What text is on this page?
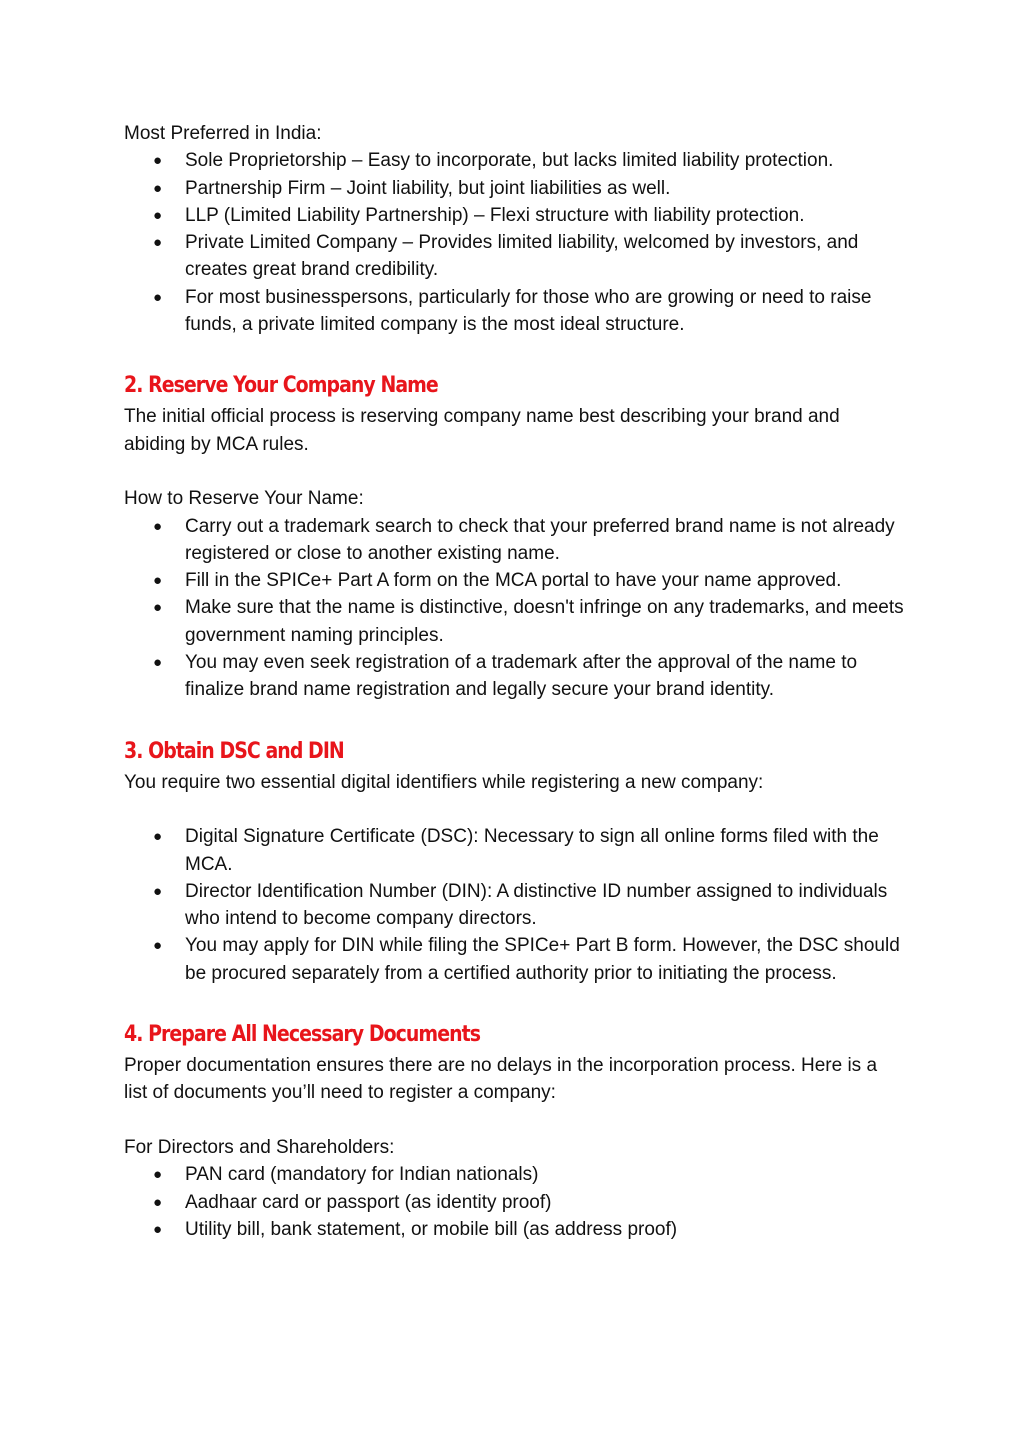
Most Preferred in India:

● Sole Proprietorship – Easy to incorporate, but lacks limited liability protection.
● Partnership Firm – Joint liability, but joint liabilities as well.
● LLP (Limited Liability Partnership) – Flexi structure with liability protection.
● Private Limited Company – Provides limited liability, welcomed by investors, and creates great brand credibility.
● For most businesspersons, particularly for those who are growing or need to raise funds, a private limited company is the most ideal structure.
2. Reserve Your Company Name

The initial official process is reserving company name best describing your brand and abiding by MCA rules.

How to Reserve Your Name:

● Carry out a trademark search to check that your preferred brand name is not already registered or close to another existing name.
● Fill in the SPICe+ Part A form on the MCA portal to have your name approved.
● Make sure that the name is distinctive, doesn't infringe on any trademarks, and meets government naming principles.
● You may even seek registration of a trademark after the approval of the name to finalize brand name registration and legally secure your brand identity.
3. Obtain DSC and DIN

You require two essential digital identifiers while registering a new company:

● Digital Signature Certificate (DSC): Necessary to sign all online forms filed with the MCA.
● Director Identification Number (DIN): A distinctive ID number assigned to individuals who intend to become company directors.
● You may apply for DIN while filing the SPICe+ Part B form. However, the DSC should be procured separately from a certified authority prior to initiating the process.
4. Prepare All Necessary Documents

Proper documentation ensures there are no delays in the incorporation process. Here is a list of documents you’ll need to register a company:

For Directors and Shareholders:

● PAN card (mandatory for Indian nationals)
● Aadhaar card or passport (as identity proof)
● Utility bill, bank statement, or mobile bill (as address proof)
